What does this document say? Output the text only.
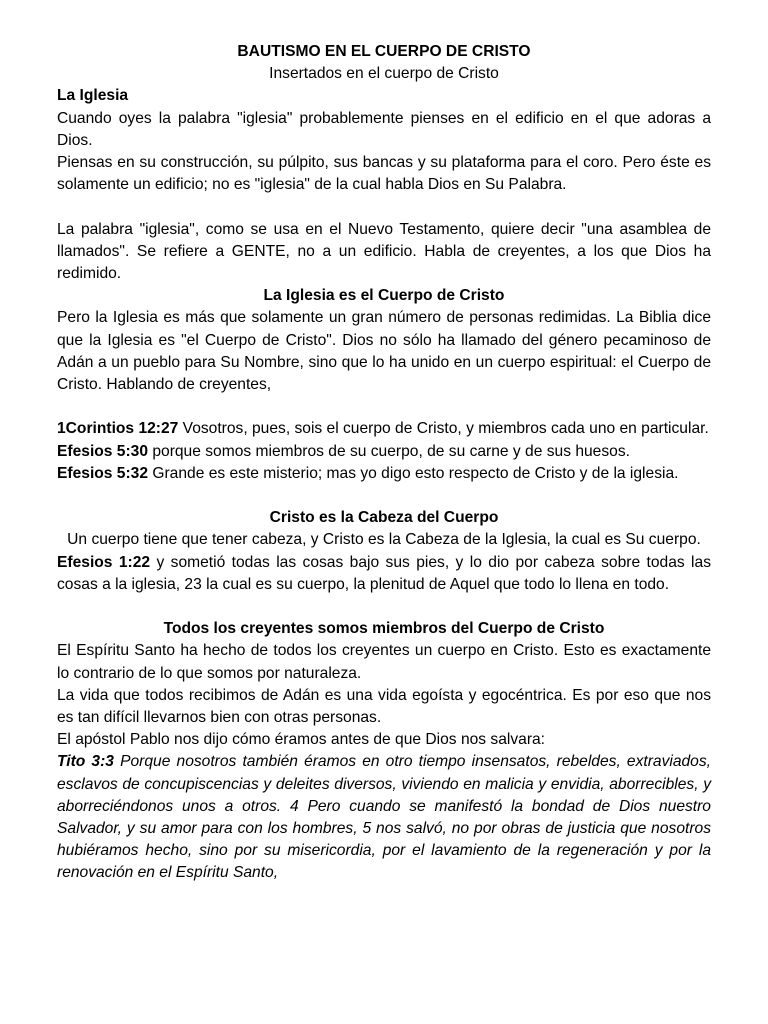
BAUTISMO EN EL CUERPO DE CRISTO

Insertados en el cuerpo de Cristo

La Iglesia

Cuando oyes la palabra "iglesia" probablemente pienses en el edificio en el que adoras a Dios.

Piensas en su construcción, su púlpito, sus bancas y su plataforma para el coro. Pero éste es solamente un edificio; no es "iglesia" de la cual habla Dios en Su Palabra.

La palabra "iglesia", como se usa en el Nuevo Testamento, quiere decir "una asamblea de llamados". Se refiere a GENTE, no a un edificio. Habla de creyentes, a los que Dios ha redimido.

La Iglesia es el Cuerpo de Cristo

Pero la Iglesia es más que solamente un gran número de personas redimidas. La Biblia dice que la Iglesia es "el Cuerpo de Cristo". Dios no sólo ha llamado del género pecaminoso de Adán a un pueblo para Su Nombre, sino que lo ha unido en un cuerpo espiritual: el Cuerpo de Cristo. Hablando de creyentes,

1Corintios 12:27 Vosotros, pues, sois el cuerpo de Cristo, y miembros cada uno en particular.

Efesios 5:30 porque somos miembros de su cuerpo, de su carne y de sus huesos.

Efesios 5:32 Grande es este misterio; mas yo digo esto respecto de Cristo y de la iglesia.

Cristo es la Cabeza del Cuerpo

Un cuerpo tiene que tener cabeza, y Cristo es la Cabeza de la Iglesia, la cual es Su cuerpo.

Efesios 1:22 y sometió todas las cosas bajo sus pies, y lo dio por cabeza sobre todas las cosas a la iglesia, 23 la cual es su cuerpo, la plenitud de Aquel que todo lo llena en todo.

Todos los creyentes somos miembros del Cuerpo de Cristo

El Espíritu Santo ha hecho de todos los creyentes un cuerpo en Cristo. Esto es exactamente lo contrario de lo que somos por naturaleza.

La vida que todos recibimos de Adán es una vida egoísta y egocéntrica. Es por eso que nos es tan difícil llevarnos bien con otras personas.

El apóstol Pablo nos dijo cómo éramos antes de que Dios nos salvara:

Tito 3:3 Porque nosotros también éramos en otro tiempo insensatos, rebeldes, extraviados, esclavos de concupiscencias y deleites diversos, viviendo en malicia y envidia, aborrecibles, y aborreciéndonos unos a otros. 4 Pero cuando se manifestó la bondad de Dios nuestro Salvador, y su amor para con los hombres, 5 nos salvó, no por obras de justicia que nosotros hubiéramos hecho, sino por su misericordia, por el lavamiento de la regeneración y por la renovación en el Espíritu Santo,
